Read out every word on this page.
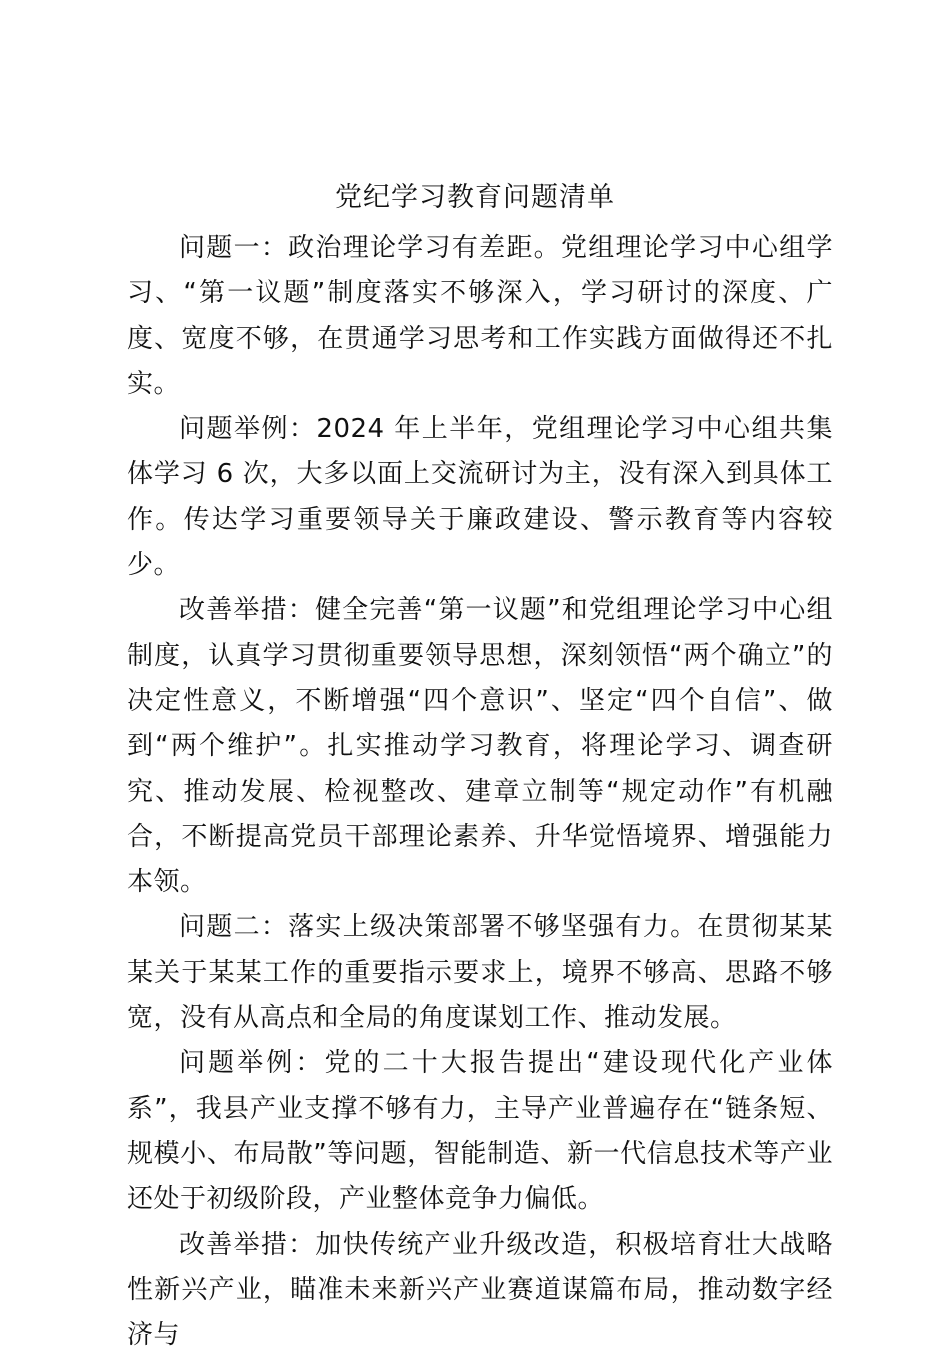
党纪学习教育问题清单

问题一：政治理论学习有差距。党组理论学习中心组学习、“第一议题”制度落实不够深入，学习研讨的深度、广度、宽度不够，在贯通学习思考和工作实践方面做得还不扎实。

问题举例：2024 年上半年，党组理论学习中心组共集体学习 6 次，大多以面上交流研讨为主，没有深入到具体工作。传达学习重要领导关于廉政建设、警示教育等内容较少。

改善举措：健全完善“第一议题”和党组理论学习中心组制度，认真学习贯彻重要领导思想，深刻领悟“两个确立”的决定性意义，不断增强“四个意识”、坚定“四个自信”、做到“两个维护”。扎实推动学习教育，将理论学习、调查研究、推动发展、检视整改、建章立制等“规定动作”有机融合，不断提高党员干部理论素养、升华觉悟境界、增强能力本领。

问题二：落实上级决策部署不够坚强有力。在贯彻某某某关于某某工作的重要指示要求上，境界不够高、思路不够宽，没有从高点和全局的角度谋划工作、推动发展。

问题举例：党的二十大报告提出“建设现代化产业体系”，我县产业支撑不够有力，主导产业普遍存在“链条短、规模小、布局散”等问题，智能制造、新一代信息技术等产业还处于初级阶段，产业整体竞争力偏低。

改善举措：加快传统产业升级改造，积极培育壮大战略性新兴产业，瞄准未来新兴产业赛道谋篇布局，推动数字经济与
